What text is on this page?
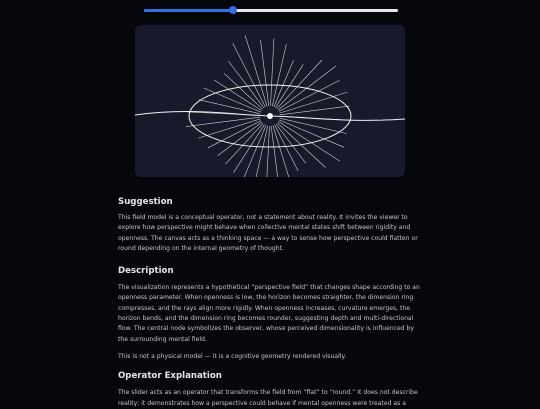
Suggestion

This field model is a conceptual operator, not a statement about reality. It invites the viewer to explore how perspective might behave when collective mental states shift between rigidity and openness. The canvas acts as a thinking space — a way to sense how perspective could flatten or round depending on the internal geometry of thought.

Description

The visualization represents a hypothetical “perspective field” that changes shape according to an openness parameter. When openness is low, the horizon becomes straighter, the dimension ring compresses, and the rays align more rigidly. When openness increases, curvature emerges, the horizon bends, and the dimension ring becomes rounder, suggesting depth and multi-directional flow. The central node symbolizes the observer, whose perceived dimensionality is influenced by the surrounding mental field.

This is not a physical model — it is a cognitive geometry rendered visually.

Operator Explanation

The slider acts as an operator that transforms the field from “flat” to “round.” It does not describe reality; it demonstrates how a perspective could behave if mental openness were treated as a
